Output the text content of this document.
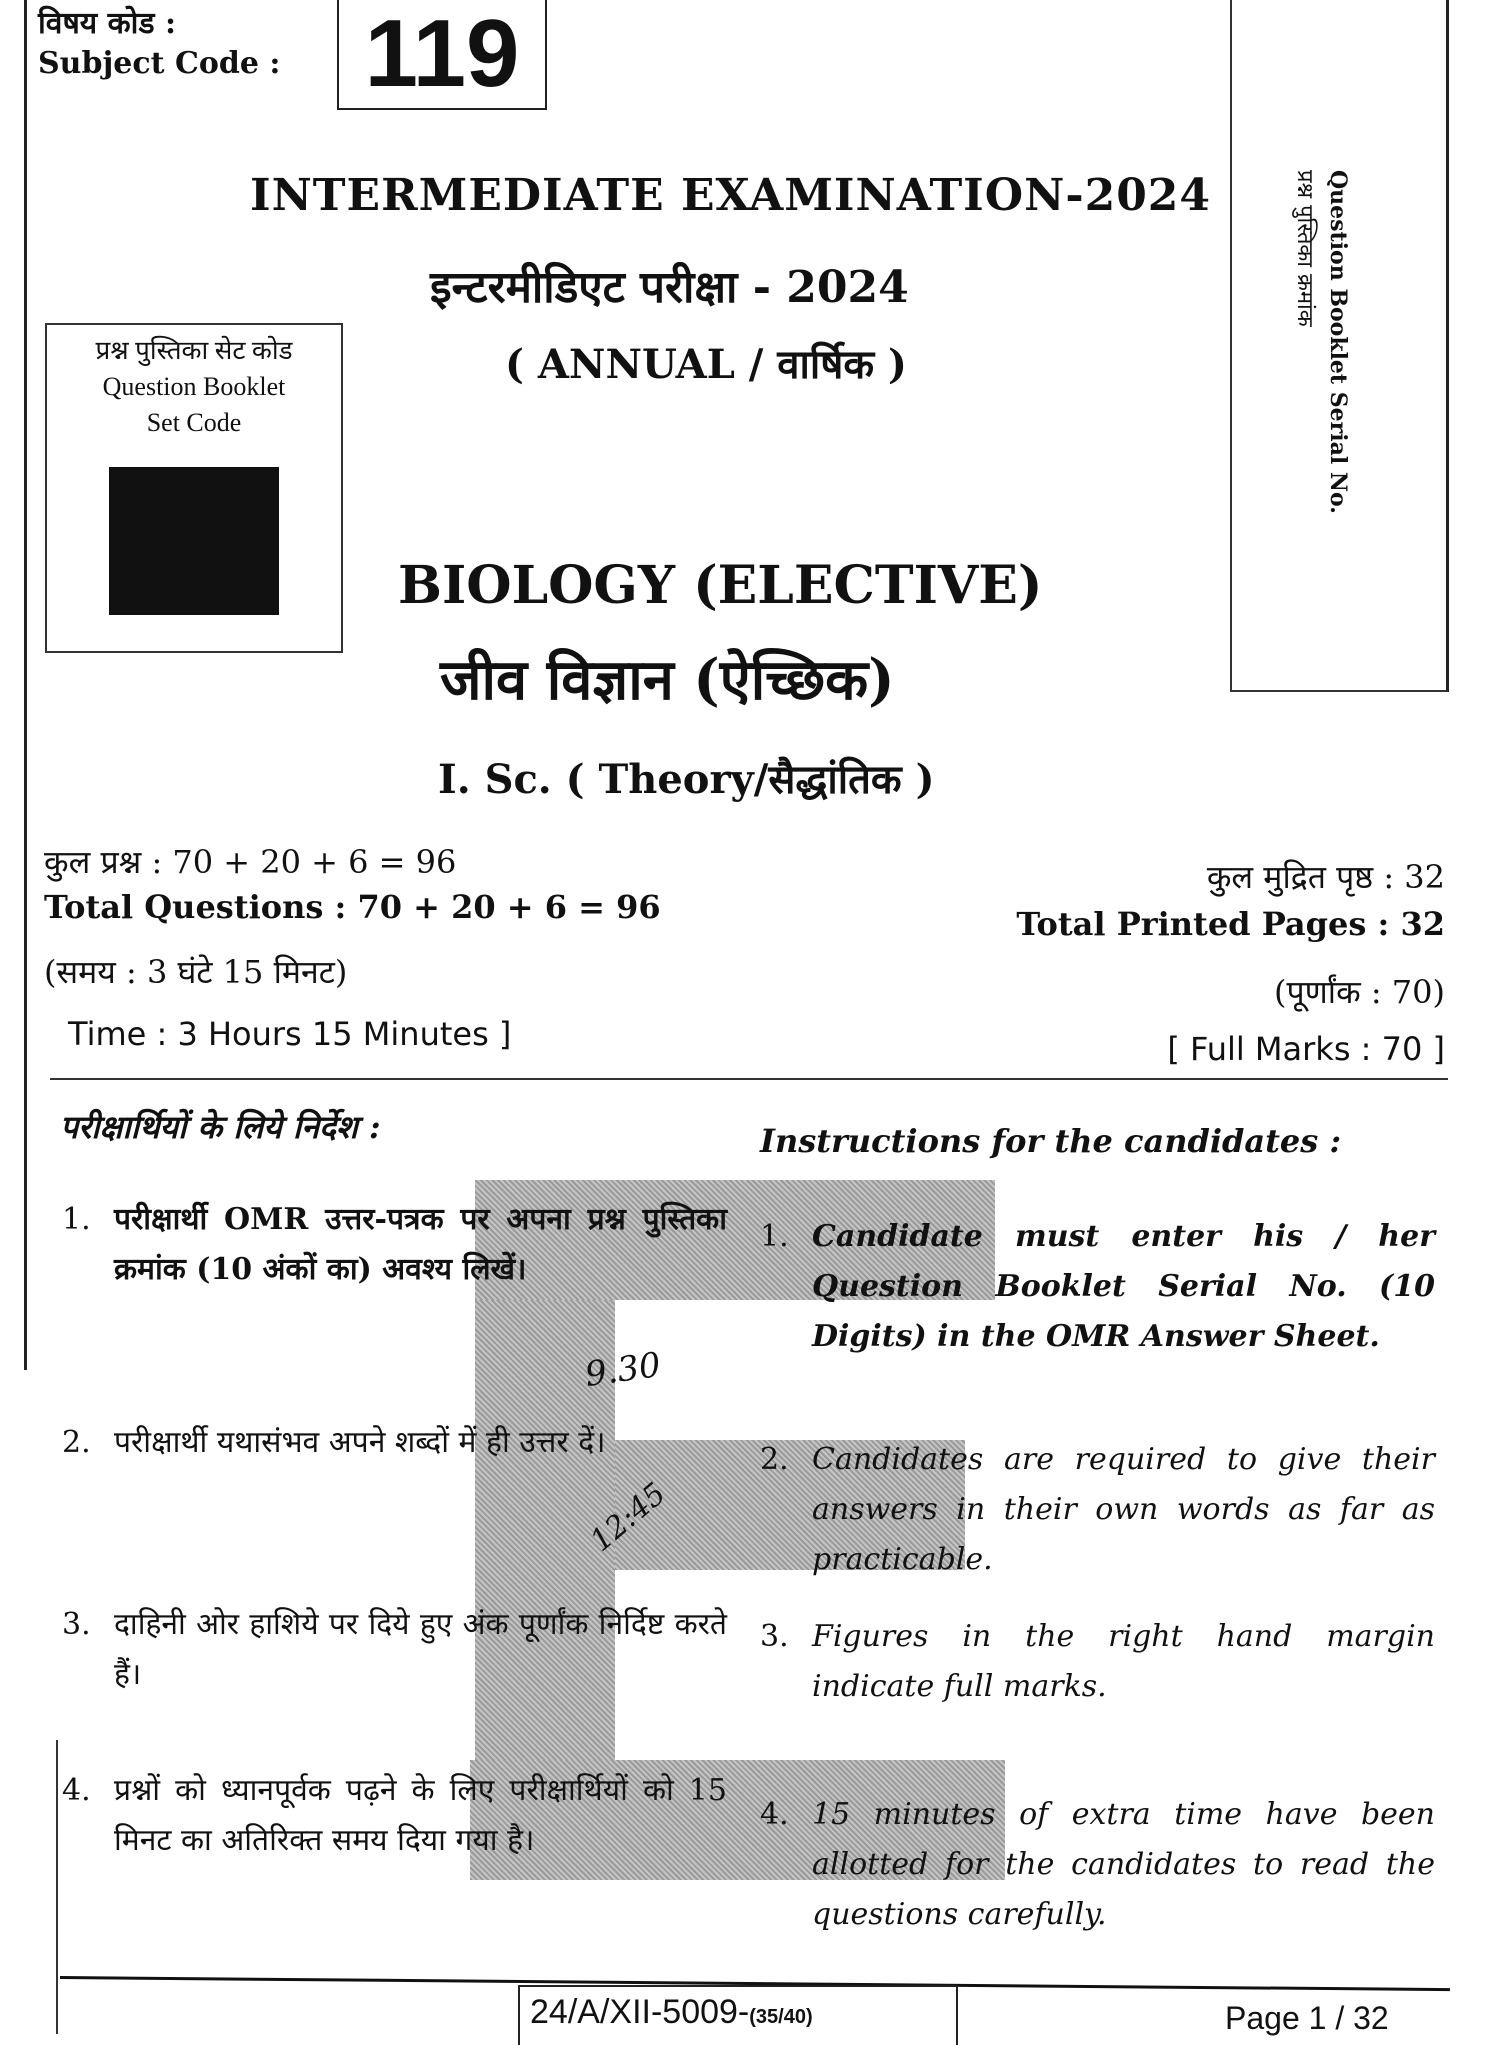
विषय कोड :
Subject Code : 119
INTERMEDIATE EXAMINATION-2024
इन्टरमीडिएट परीक्षा - 2024
( ANNUAL / वार्षिक )
प्रश्न पुस्तिका सेट कोड
Question Booklet
Set Code	Question Booklet Serial No.
प्रश्न पुस्तिका क्रमांक
BIOLOGY (ELECTIVE)
जीव विज्ञान (ऐच्छिक)
I. Sc. ( Theory/सैद्धांतिक )
कुल प्रश्न : 70 + 20 + 6 = 96
Total Questions : 70 + 20 + 6 = 96
(समय : 3 घंटे 15 मिनट)
Time : 3 Hours 15 Minutes ]
कुल मुद्रित पृष्ठ : 32
Total Printed Pages : 32
(पूर्णांक : 70)
[ Full Marks : 70 ]
परीक्षार्थियों के लिये निर्देश :	Instructions for the candidates :
1. परीक्षार्थी OMR उत्तर-पत्रक पर अपना प्रश्न पुस्तिका क्रमांक (10 अंकों का) अवश्य लिखें।
2. परीक्षार्थी यथासंभव अपने शब्दों में ही उत्तर दें।
3. दाहिनी ओर हाशिये पर दिये हुए अंक पूर्णांक निर्दिष्ट करते हैं।
4. प्रश्नों को ध्यानपूर्वक पढ़ने के लिए परीक्षार्थियों को 15 मिनट का अतिरिक्त समय दिया गया है।
1. Candidate must enter his / her Question Booklet Serial No. (10 Digits) in the OMR Answer Sheet.
2. Candidates are required to give their answers in their own words as far as practicable.
3. Figures in the right hand margin indicate full marks.
4. 15 minutes of extra time have been allotted for the candidates to read the questions carefully.
9.30
12:45
24/A/XII-5009-(35/40)	Page 1 / 32
